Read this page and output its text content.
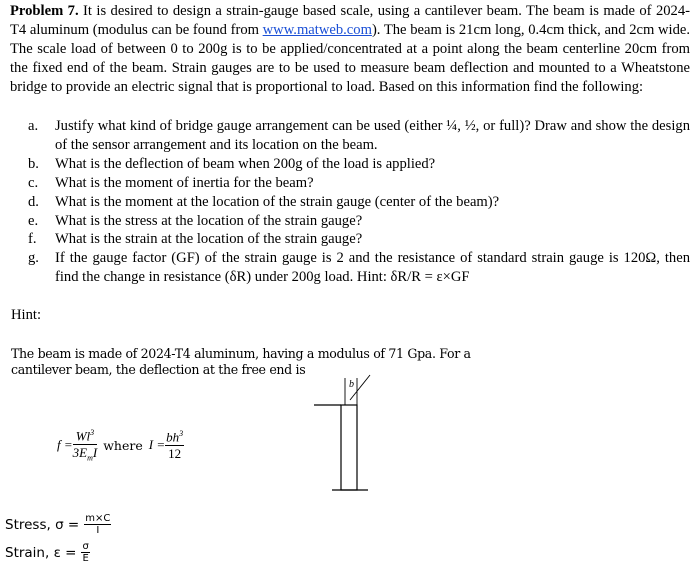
Problem 7. It is desired to design a strain-gauge based scale, using a cantilever beam. The beam is made of 2024-T4 aluminum (modulus can be found from www.matweb.com). The beam is 21cm long, 0.4cm thick, and 2cm wide. The scale load of between 0 to 200g is to be applied/concentrated at a point along the beam centerline 20cm from the fixed end of the beam. Strain gauges are to be used to measure beam deflection and mounted to a Wheatstone bridge to provide an electric signal that is proportional to load. Based on this information find the following:
a.	Justify what kind of bridge gauge arrangement can be used (either ¼, ½, or full)? Draw and show the design of the sensor arrangement and its location on the beam.
b.	What is the deflection of beam when 200g of the load is applied?
c.	What is the moment of inertia for the beam?
d.	What is the moment at the location of the strain gauge (center of the beam)?
e.	What is the stress at the location of the strain gauge?
f.	What is the strain at the location of the strain gauge?
g.	If the gauge factor (GF) of the strain gauge is 2 and the resistance of standard strain gauge is 120Ω, then find the change in resistance (δR) under 200g load. Hint: δR/R = ε×GF
Hint:
The beam is made of 2024-T4 aluminum, having a modulus of 71 Gpa. For a cantilever beam, the deflection at the free end is
$f = \frac{Wl^3}{3E_mI}$ where $I = \frac{bh^3}{12}$
b
Stress, $\sigma = \frac{m\times C}{I}$
Strain, $\varepsilon = \frac{\sigma}{E}$
